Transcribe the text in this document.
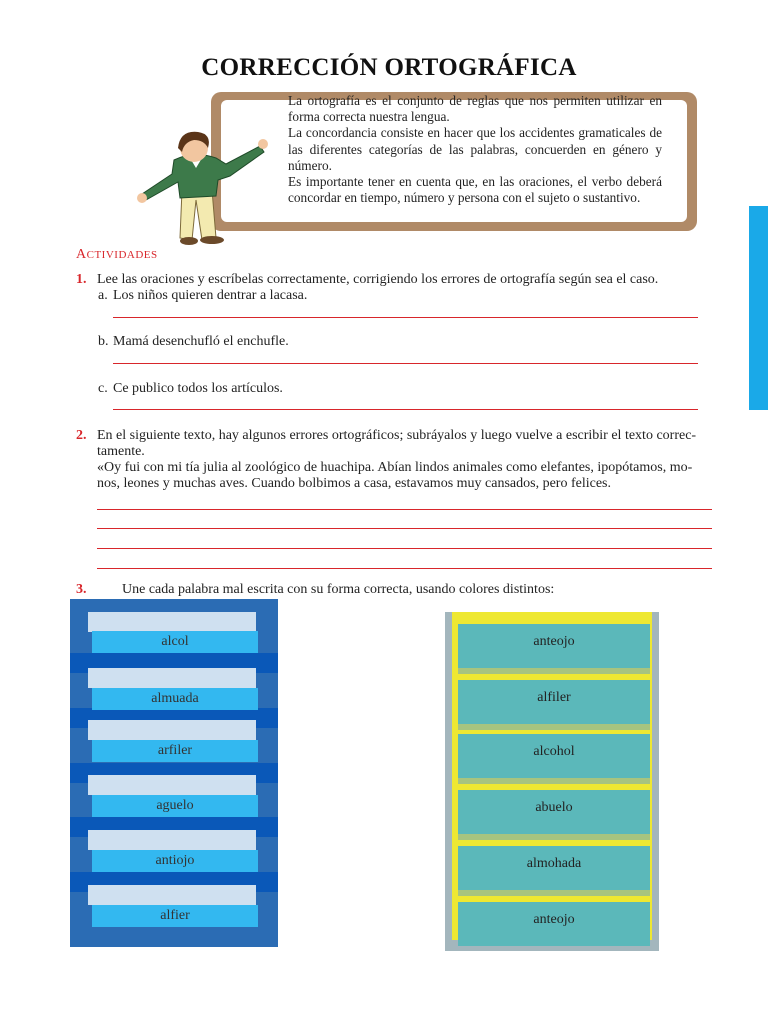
CORRECCIÓN ORTOGRÁFICA

La ortografía es el conjunto de reglas que nos permiten utilizar en forma correcta nuestra lengua.

La concordancia consiste en hacer que los accidentes gramaticales de las diferentes categorías de las palabras, concuerden en género y número.

Es importante tener en cuenta que, en las oraciones, el verbo deberá concordar en tiempo, número y persona con el sujeto o sustantivo.

ACTIVIDADES
1. Lee las oraciones y escríbelas correctamente, corrigiendo los errores de ortografía según sea el caso.
a. Los niños quieren dentrar a lacasa.
b. Mamá desenchufló el enchufle.
c. Ce publico todos los artículos.
2. En el siguiente texto, hay algunos errores ortográficos; subráyalos y luego vuelve a escribir el texto correc-
tamente.
«Oy fui con mi tía julia al zoológico de huachipa. Abían lindos animales como elefantes, ipopótamos, mo-
nos, leones y muchas aves. Cuando bolbimos a casa, estavamos muy cansados, pero felices.
3.	Une cada palabra mal escrita con su forma correcta, usando colores distintos:
alcol
almuada
arfiler
aguelo
antiojo
alfier
anteojo
alfiler
alcohol
abuelo
almohada
anteojo
